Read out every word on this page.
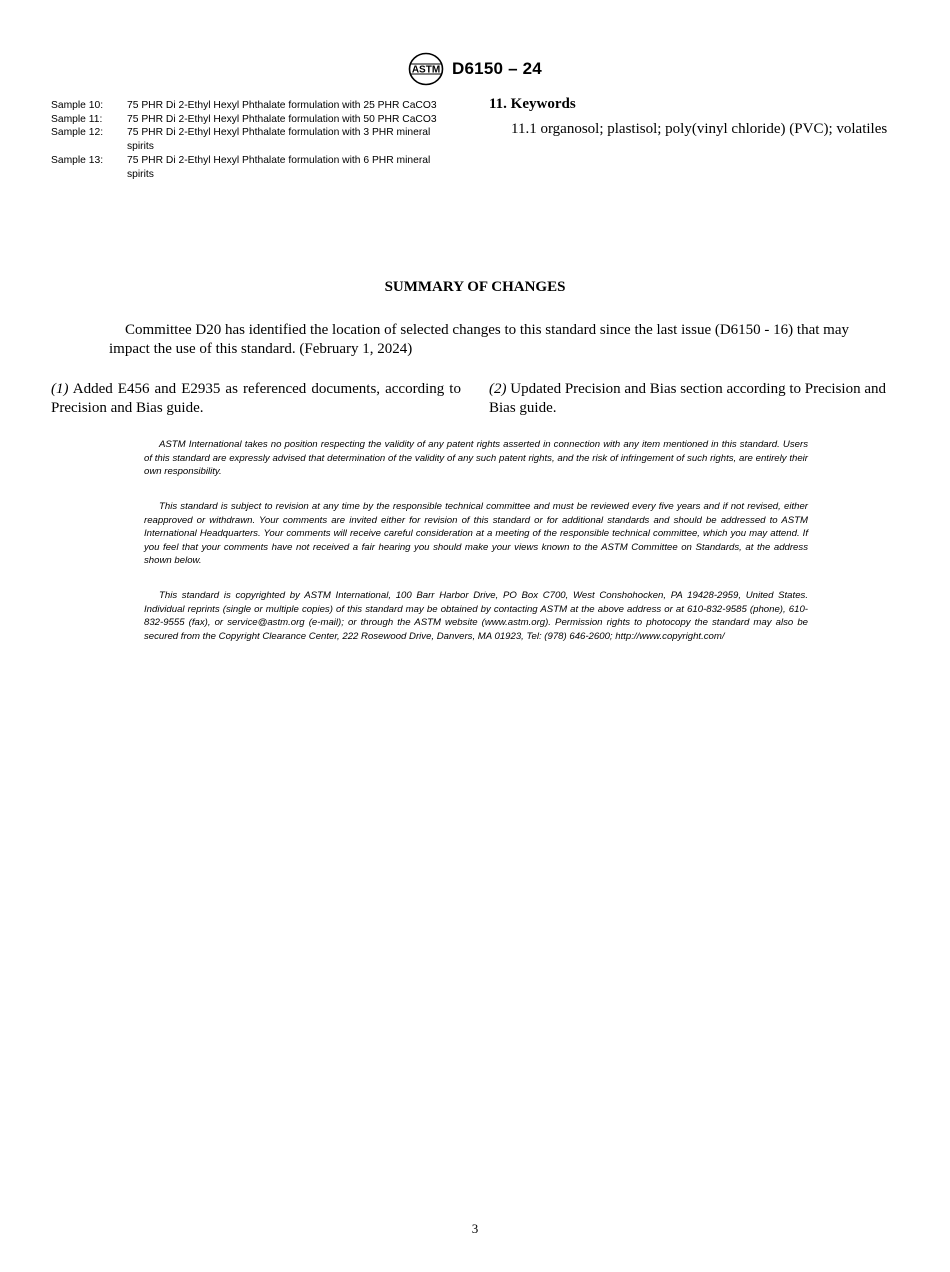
ASTM D6150 – 24
Sample 10:	75 PHR Di 2-Ethyl Hexyl Phthalate formulation with 25 PHR CaCO3
Sample 11:	75 PHR Di 2-Ethyl Hexyl Phthalate formulation with 50 PHR CaCO3
Sample 12:	75 PHR Di 2-Ethyl Hexyl Phthalate formulation with 3 PHR mineral spirits
Sample 13:	75 PHR Di 2-Ethyl Hexyl Phthalate formulation with 6 PHR mineral spirits
11. Keywords
11.1 organosol; plastisol; poly(vinyl chloride) (PVC); volatiles
SUMMARY OF CHANGES
Committee D20 has identified the location of selected changes to this standard since the last issue (D6150 - 16) that may impact the use of this standard. (February 1, 2024)
(1) Added E456 and E2935 as referenced documents, according to Precision and Bias guide.
(2) Updated Precision and Bias section according to Precision and Bias guide.
ASTM International takes no position respecting the validity of any patent rights asserted in connection with any item mentioned in this standard. Users of this standard are expressly advised that determination of the validity of any such patent rights, and the risk of infringement of such rights, are entirely their own responsibility.
This standard is subject to revision at any time by the responsible technical committee and must be reviewed every five years and if not revised, either reapproved or withdrawn. Your comments are invited either for revision of this standard or for additional standards and should be addressed to ASTM International Headquarters. Your comments will receive careful consideration at a meeting of the responsible technical committee, which you may attend. If you feel that your comments have not received a fair hearing you should make your views known to the ASTM Committee on Standards, at the address shown below.
This standard is copyrighted by ASTM International, 100 Barr Harbor Drive, PO Box C700, West Conshohocken, PA 19428-2959, United States. Individual reprints (single or multiple copies) of this standard may be obtained by contacting ASTM at the above address or at 610-832-9585 (phone), 610-832-9555 (fax), or service@astm.org (e-mail); or through the ASTM website (www.astm.org). Permission rights to photocopy the standard may also be secured from the Copyright Clearance Center, 222 Rosewood Drive, Danvers, MA 01923, Tel: (978) 646-2600; http://www.copyright.com/
3
